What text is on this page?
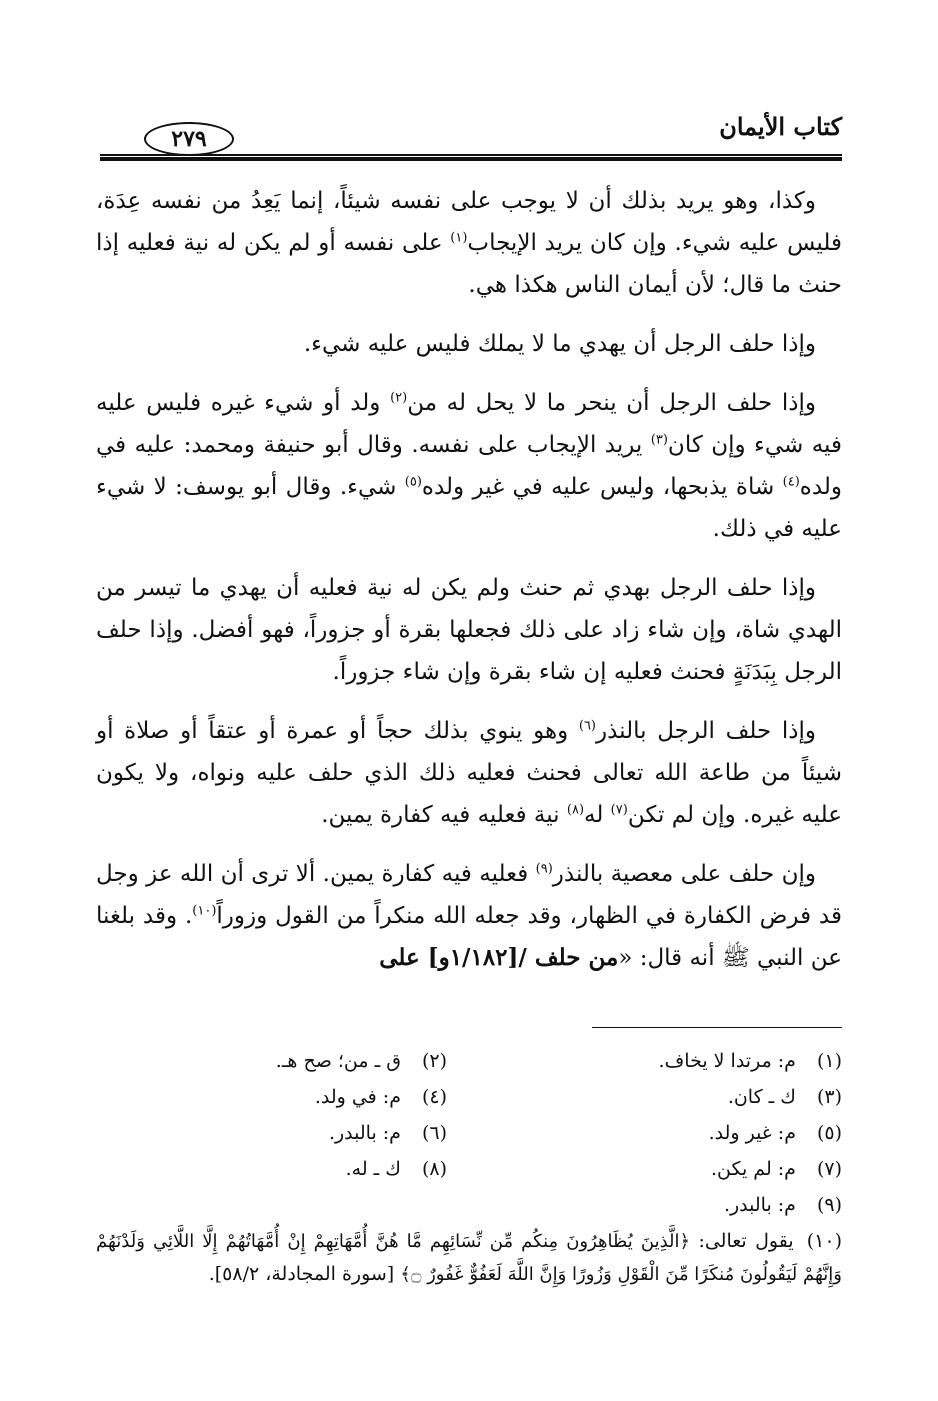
كتاب الأيمان
٢٧٩

وكذا، وهو يريد بذلك أن لا يوجب على نفسه شيئاً، إنما يَعِدُ من نفسه عِدَة، فليس عليه شيء. وإن كان يريد الإيجاب$^{(١)}$ على نفسه أو لم يكن له نية فعليه إذا حنث ما قال؛ لأن أيمان الناس هكذا هي.

وإذا حلف الرجل أن يهدي ما لا يملك فليس عليه شيء.

وإذا حلف الرجل أن ينحر ما لا يحل له من$^{(٢)}$ ولد أو شيء غيره فليس عليه فيه شيء وإن كان$^{(٣)}$ يريد الإيجاب على نفسه. وقال أبو حنيفة ومحمد: عليه في ولده$^{(٤)}$ شاة يذبحها، وليس عليه في غير ولده$^{(٥)}$ شيء. وقال أبو يوسف: لا شيء عليه في ذلك.

وإذا حلف الرجل بهدي ثم حنث ولم يكن له نية فعليه أن يهدي ما تيسر من الهدي شاة، وإن شاء زاد على ذلك فجعلها بقرة أو جزوراً، فهو أفضل. وإذا حلف الرجل بِبَدَنَةٍ فحنث فعليه إن شاء بقرة وإن شاء جزوراً.

وإذا حلف الرجل بالنذر$^{(٦)}$ وهو ينوي بذلك حجاً أو عمرة أو عتقاً أو صلاة أو شيئاً من طاعة الله تعالى فحنث فعليه ذلك الذي حلف عليه ونواه، ولا يكون عليه غيره. وإن لم تكن$^{(٧)}$ له$^{(٨)}$ نية فعليه فيه كفارة يمين.

وإن حلف على معصية بالنذر$^{(٩)}$ فعليه فيه كفارة يمين. ألا ترى أن الله عز وجل قد فرض الكفارة في الظهار، وقد جعله الله منكراً من القول وزوراً$^{(١٠)}$. وقد بلغنا عن النبي ﷺ أنه قال: «من حلف /[١/١٨٢و] على

(١) م: مرتدا لا يخاف.
(٢) ق ـ من؛ صح هـ.
(٣) ك ـ كان.
(٤) م: في ولد.
(٥) م: غير ولد.
(٦) م: بالبدر.
(٧) م: لم يكن.
(٨) ك ـ له.
(٩) م: بالبدر.
(١٠) يقول تعالى: ﴿الَّذِينَ يُظَاهِرُونَ مِنكُم مِّن نِّسَائِهِم مَّا هُنَّ أُمَّهَاتِهِمْ إِنْ أُمَّهَاتُهُمْ إِلَّا اللَّائِي وَلَدْنَهُمْ وَإِنَّهُمْ لَيَقُولُونَ مُنكَرًا مِّنَ الْقَوْلِ وَزُورًا وَإِنَّ اللَّهَ لَعَفُوٌّ غَفُورٌ ۝﴾ [سورة المجادلة، ٥٨/٢].
